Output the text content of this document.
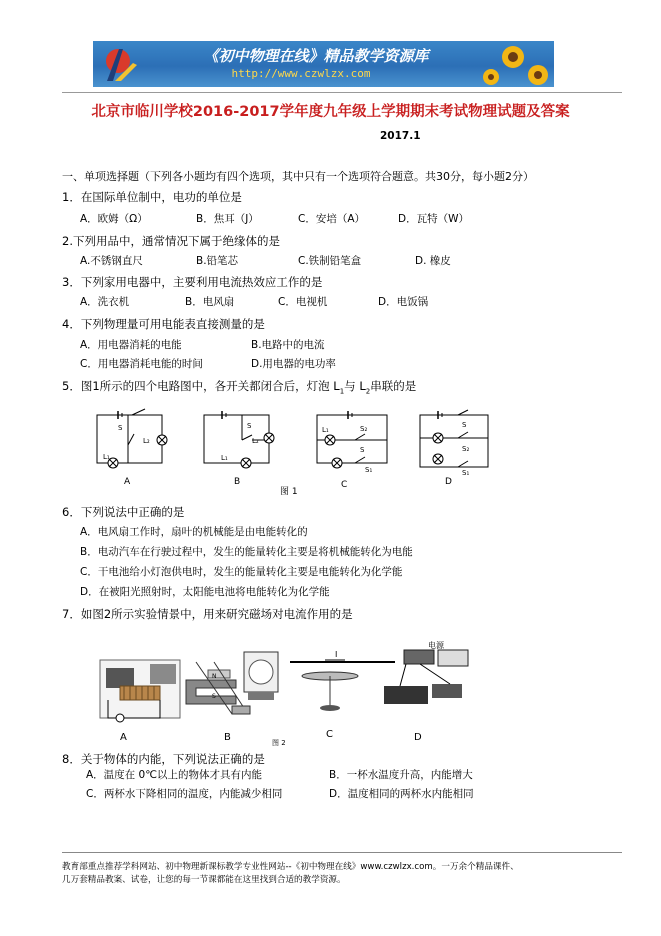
《初中物理在线》精品教学资源库
http://www.czwlzx.com
北京市临川学校2016-2017学年度九年级上学期期末考试物理试题及答案
2017.1
一、单项选择题（下列各小题均有四个选项，其中只有一个选项符合题意。共30分，每小题2分）
1．在国际单位制中，电功的单位是
A．欧姆（Ω）	B．焦耳（J）	C．安培（A）	D．瓦特（W）
2.下列用品中，通常情况下属于绝缘体的是
A.不锈钢直尺	B.铅笔芯	C.铁制铅笔盒	D. 橡皮
3．下列家用电器中，主要利用电流热效应工作的是
A．洗衣机	B．电风扇	C．电视机	D．电饭锅
4．下列物理量可用电能表直接测量的是
A．用电器消耗的电能	B.电路中的电流
C．用电器消耗电能的时间	D.用电器的电功率
5．图1所示的四个电路图中，各开关都闭合后，灯泡 $L_1$与 $L_2$串联的是
S
L₂
L₁
S
L₂
L₁
L₁	S₂
S
S₁
S
S₂
S₁
A	B	C	D
图 1
6．下列说法中正确的是
A．电风扇工作时，扇叶的机械能是由电能转化的
B．电动汽车在行驶过程中，发生的能量转化主要是将机械能转化为电能
C．干电池给小灯泡供电时，发生的能量转化主要是电能转化为化学能
D．在被阳光照射时，太阳能电池将电能转化为化学能
7．如图2所示实验情景中，用来研究磁场对电流作用的是
A	B	C	D
图 2
I
电源
N
S
8．关于物体的内能，下列说法正确的是
A．温度在 0℃以上的物体才具有内能	B．一杯水温度升高，内能增大
C．两杯水下降相同的温度，内能减少相同	D．温度相同的两杯水内能相同
教育部重点推荐学科网站、初中物理新课标教学专业性网站--《初中物理在线》www.czwlzx.com。一万余个精品课件、
几万套精品教案、试卷，让您的每一节课都能在这里找到合适的教学资源。
